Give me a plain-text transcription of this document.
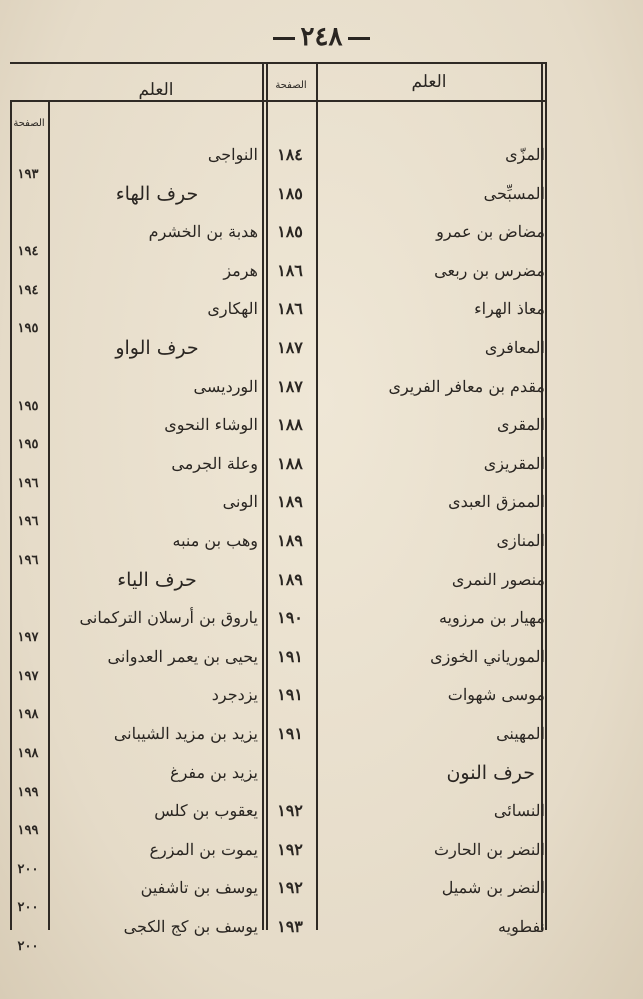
٢٤٨
العلم
الصفحة
العلم
الصفحة
المزّى
١٨٤
المسبِّحى
١٨٥
مضاض بن عمرو
١٨٥
مضرس بن ربعى
١٨٦
معاذ الهراء
١٨٦
المعافرى
١٨٧
مقدم بن معافر الفريرى
١٨٧
المقرى
١٨٨
المقريزى
١٨٨
الممزق العبدى
١٨٩
المنازى
١٨٩
منصور النمرى
١٨٩
مهيار بن مرزويه
١٩٠
المورياني الخوزى
١٩١
موسى شهوات
١٩١
المهينى
١٩١
حرف النون
النسائى
١٩٢
النضر بن الحارث
١٩٢
النضر بن شميل
١٩٢
نفطويه
١٩٣
النواجى
حرف الهاء
هدبة بن الخشرم
هرمز
الهكارى
حرف الواو
الورديسى
الوشاء النحوى
وعلة الجرمى
الونى
وهب بن منبه
حرف الياء
ياروق بن أرسلان التركمانى
يحيى بن يعمر العدوانى
يزدجرد
يزيد بن مزيد الشيبانى
يزيد بن مفرغ
يعقوب بن كلس
يموت بن المزرع
يوسف بن تاشفين
يوسف بن كج الكجى
١٩٣
١٩٤
١٩٤
١٩٥
١٩٥
١٩٥
١٩٦
١٩٦
١٩٦
١٩٧
١٩٧
١٩٨
١٩٨
١٩٩
١٩٩
٢٠٠
٢٠٠
٢٠٠
